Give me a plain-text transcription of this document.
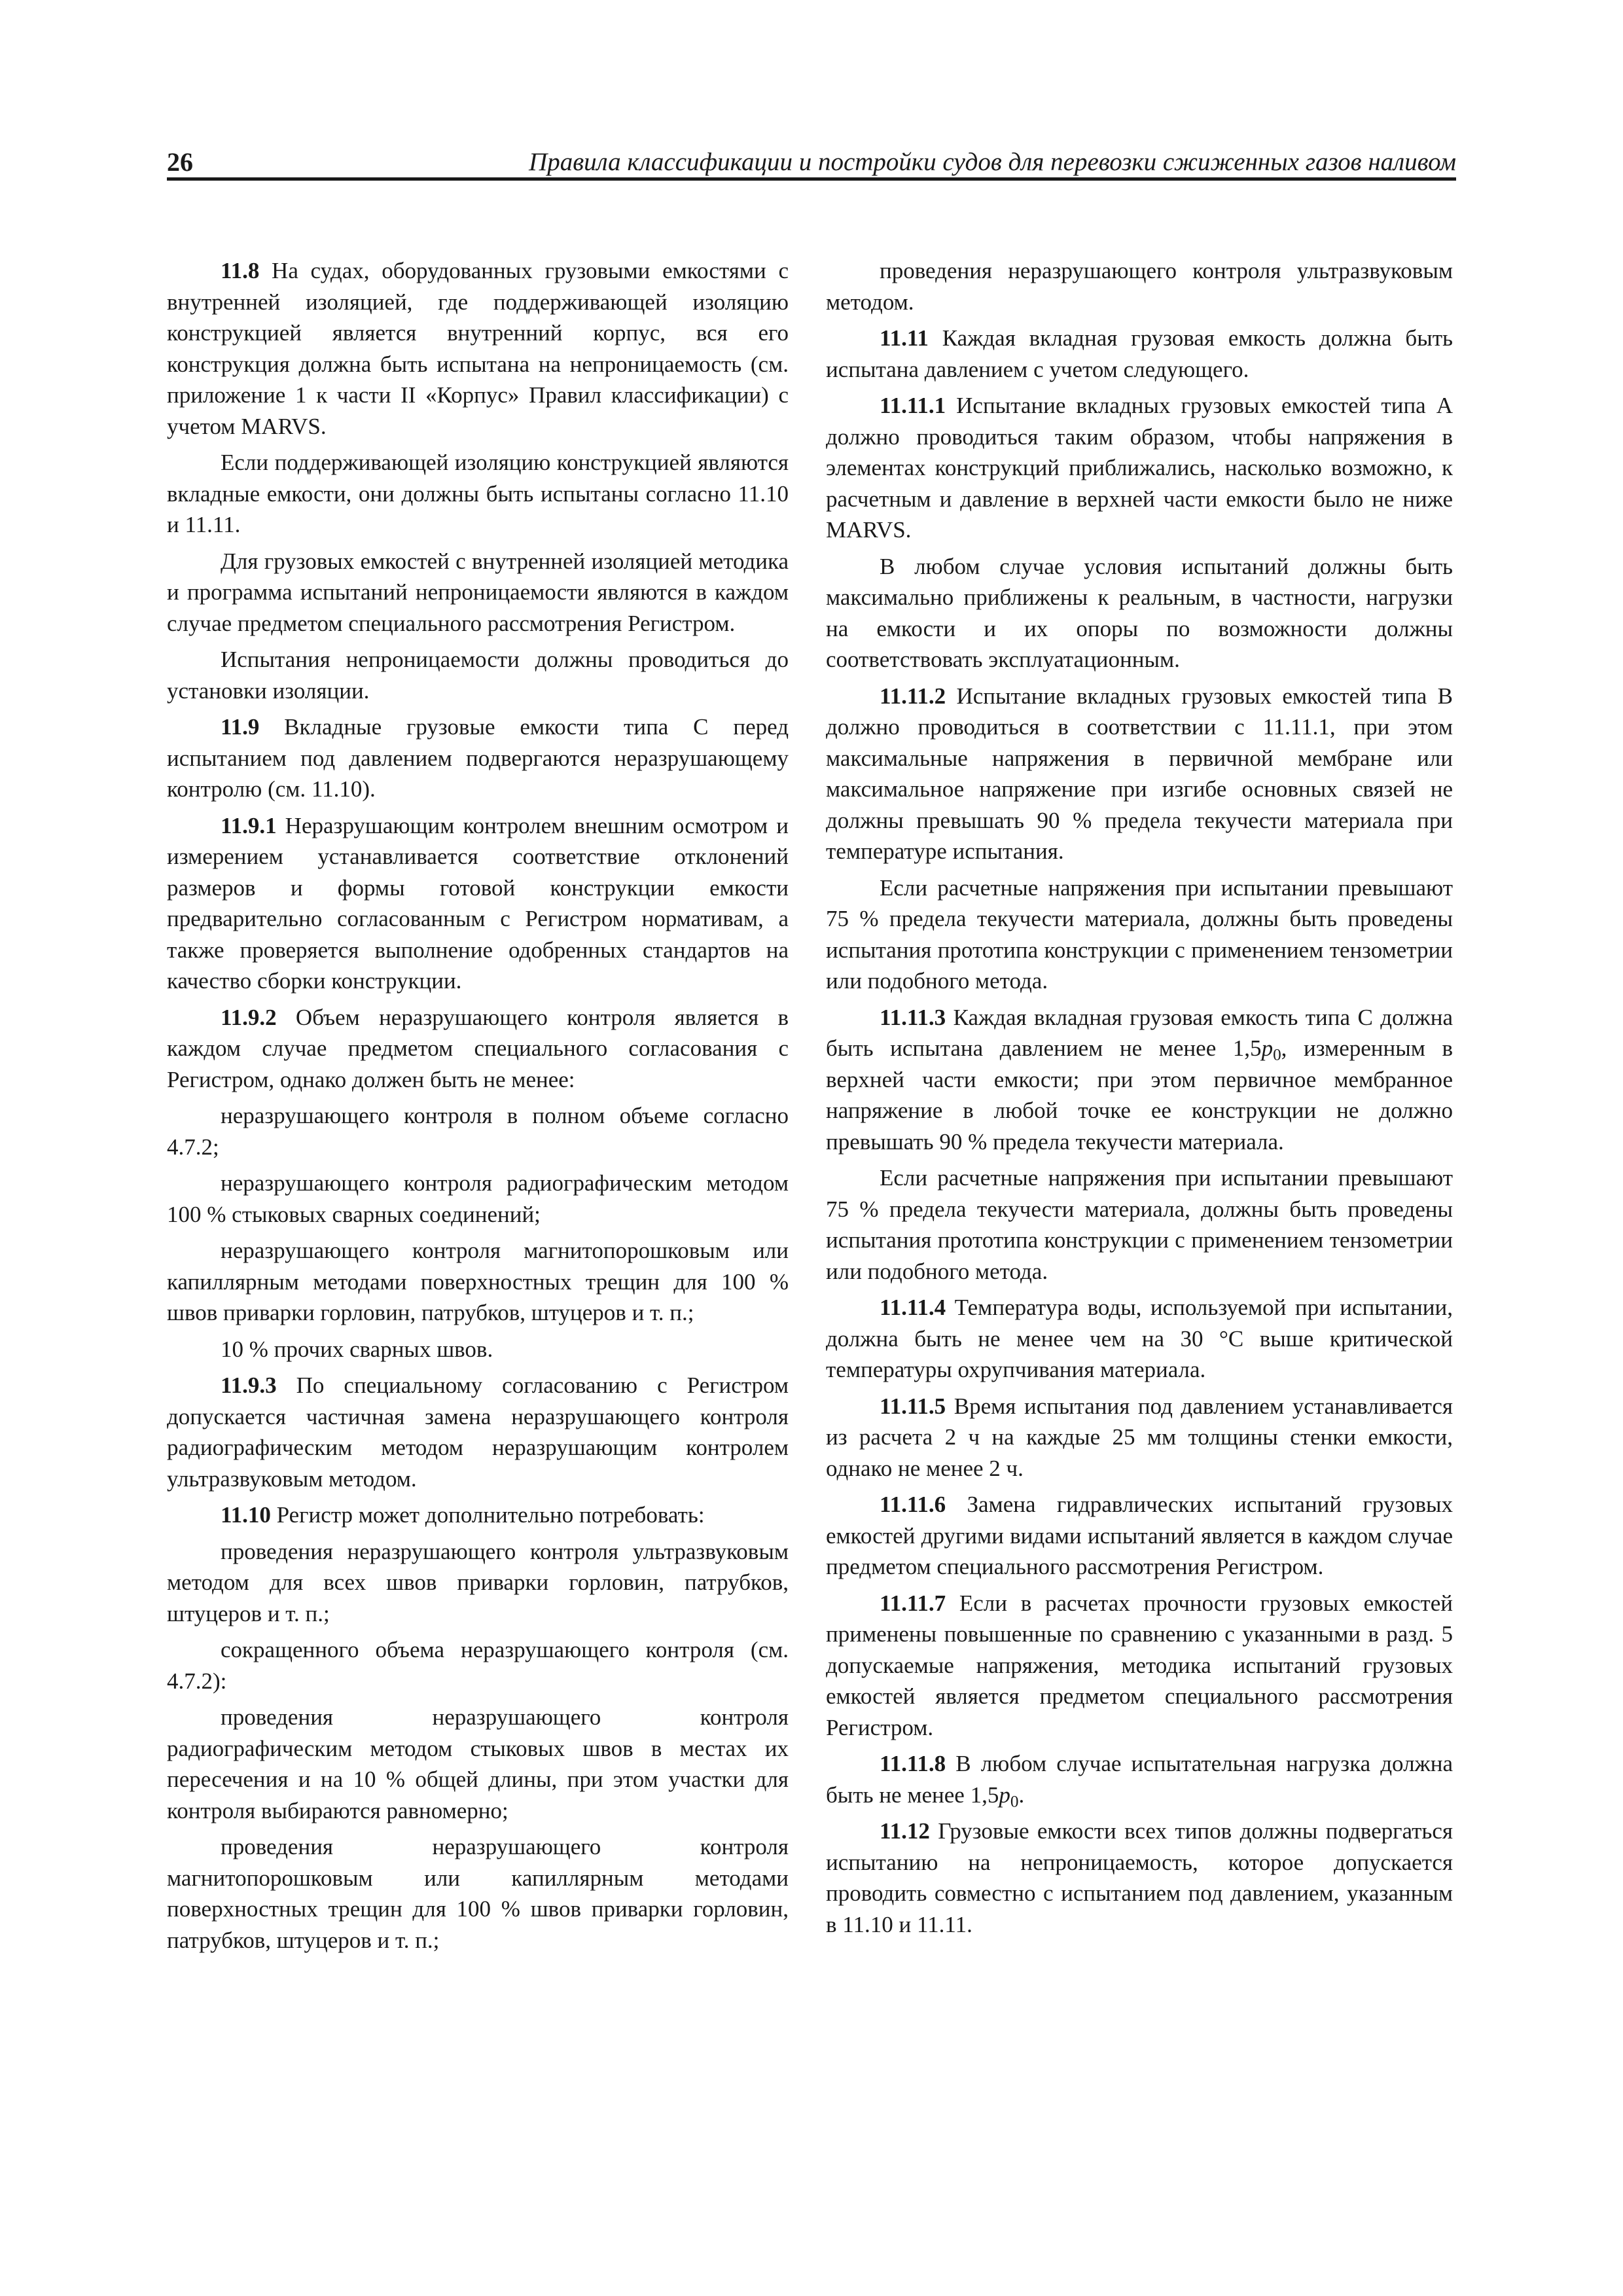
26	Правила классификации и постройки судов для перевозки сжиженных газов наливом

11.8 На судах, оборудованных грузовыми емкостями с внутренней изоляцией, где поддерживающей изоляцию конструкцией является внутренний корпус, вся его конструкция должна быть испытана на непроницаемость (см. приложение 1 к части II «Корпус» Правил классификации) с учетом MARVS.

Если поддерживающей изоляцию конструкцией являются вкладные емкости, они должны быть испытаны согласно 11.10 и 11.11.

Для грузовых емкостей с внутренней изоляцией методика и программа испытаний непроницаемости являются в каждом случае предметом специального рассмотрения Регистром.

Испытания непроницаемости должны проводиться до установки изоляции.

11.9 Вкладные грузовые емкости типа С перед испытанием под давлением подвергаются неразрушающему контролю (см. 11.10).

11.9.1 Неразрушающим контролем внешним осмотром и измерением устанавливается соответствие отклонений размеров и формы готовой конструкции емкости предварительно согласованным с Регистром нормативам, а также проверяется выполнение одобренных стандартов на качество сборки конструкции.

11.9.2 Объем неразрушающего контроля является в каждом случае предметом специального согласования с Регистром, однако должен быть не менее:

неразрушающего контроля в полном объеме согласно 4.7.2;

неразрушающего контроля радиографическим методом 100 % стыковых сварных соединений;

неразрушающего контроля магнитопорошковым или капиллярным методами поверхностных трещин для 100 % швов приварки горловин, патрубков, штуцеров и т. п.;

10 % прочих сварных швов.

11.9.3 По специальному согласованию с Регистром допускается частичная замена неразрушающего контроля радиографическим методом неразрушающим контролем ультразвуковым методом.

11.10 Регистр может дополнительно потребовать:

проведения неразрушающего контроля ультразвуковым методом для всех швов приварки горловин, патрубков, штуцеров и т. п.;

сокращенного объема неразрушающего контроля (см. 4.7.2):

проведения неразрушающего контроля радиографическим методом стыковых швов в местах их пересечения и на 10 % общей длины, при этом участки для контроля выбираются равномерно;

проведения неразрушающего контроля магнитопорошковым или капиллярным методами поверхностных трещин для 100 % швов приварки горловин, патрубков, штуцеров и т. п.;

проведения неразрушающего контроля ультразвуковым методом.

11.11 Каждая вкладная грузовая емкость должна быть испытана давлением с учетом следующего.

11.11.1 Испытание вкладных грузовых емкостей типа А должно проводиться таким образом, чтобы напряжения в элементах конструкций приближались, насколько возможно, к расчетным и давление в верхней части емкости было не ниже MARVS.

В любом случае условия испытаний должны быть максимально приближены к реальным, в частности, нагрузки на емкости и их опоры по возможности должны соответствовать эксплуатационным.

11.11.2 Испытание вкладных грузовых емкостей типа В должно проводиться в соответствии с 11.11.1, при этом максимальные напряжения в первичной мембране или максимальное напряжение при изгибе основных связей не должны превышать 90 % предела текучести материала при температуре испытания.

Если расчетные напряжения при испытании превышают 75 % предела текучести материала, должны быть проведены испытания прототипа конструкции с применением тензометрии или подобного метода.

11.11.3 Каждая вкладная грузовая емкость типа С должна быть испытана давлением не менее $1,5p_0$, измеренным в верхней части емкости; при этом первичное мембранное напряжение в любой точке ее конструкции не должно превышать 90 % предела текучести материала.

Если расчетные напряжения при испытании превышают 75 % предела текучести материала, должны быть проведены испытания прототипа конструкции с применением тензометрии или подобного метода.

11.11.4 Температура воды, используемой при испытании, должна быть не менее чем на 30 °С выше критической температуры охрупчивания материала.

11.11.5 Время испытания под давлением устанавливается из расчета 2 ч на каждые 25 мм толщины стенки емкости, однако не менее 2 ч.

11.11.6 Замена гидравлических испытаний грузовых емкостей другими видами испытаний является в каждом случае предметом специального рассмотрения Регистром.

11.11.7 Если в расчетах прочности грузовых емкостей применены повышенные по сравнению с указанными в разд. 5 допускаемые напряжения, методика испытаний грузовых емкостей является предметом специального рассмотрения Регистром.

11.11.8 В любом случае испытательная нагрузка должна быть не менее $1,5p_0$.

11.12 Грузовые емкости всех типов должны подвергаться испытанию на непроницаемость, которое допускается проводить совместно с испытанием под давлением, указанным в 11.10 и 11.11.
